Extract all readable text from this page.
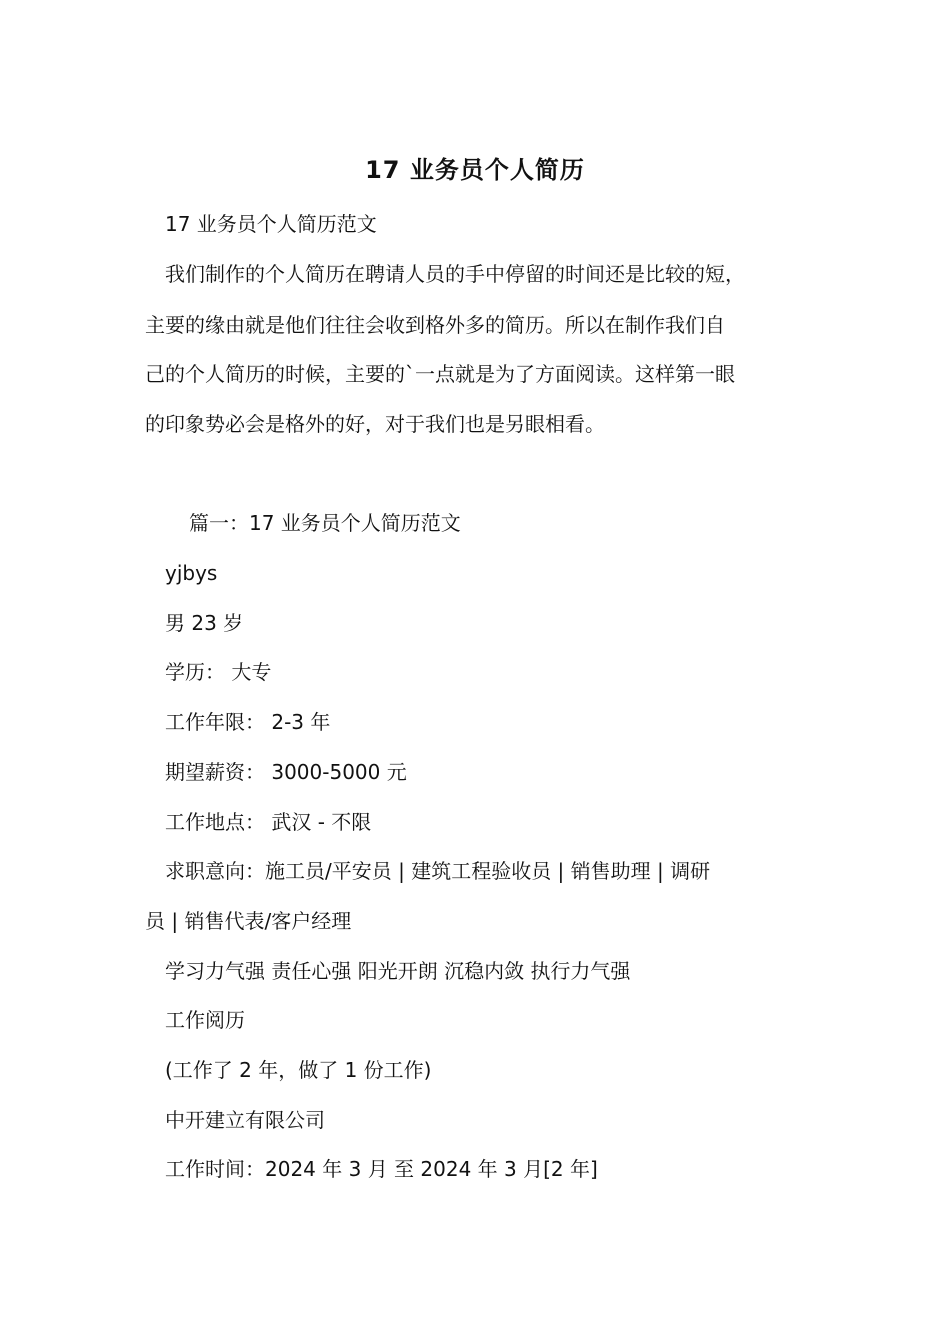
17 业务员个人简历
17 业务员个人简历范文
我们制作的个人简历在聘请人员的手中停留的时间还是比较的短，
主要的缘由就是他们往往会收到格外多的简历。所以在制作我们自
己的个人简历的时候，主要的`一点就是为了方面阅读。这样第一眼
的印象势必会是格外的好，对于我们也是另眼相看。
篇一：17 业务员个人简历范文
yjbys
男 23 岁
学历： 大专
工作年限： 2-3 年
期望薪资： 3000-5000 元
工作地点： 武汉 - 不限
求职意向：施工员/平安员 | 建筑工程验收员 | 销售助理 | 调研
员 | 销售代表/客户经理
学习力气强 责任心强 阳光开朗 沉稳内敛 执行力气强
工作阅历
(工作了 2 年，做了 1 份工作)
中开建立有限公司
工作时间：2024 年 3 月 至 2024 年 3 月[2 年]
